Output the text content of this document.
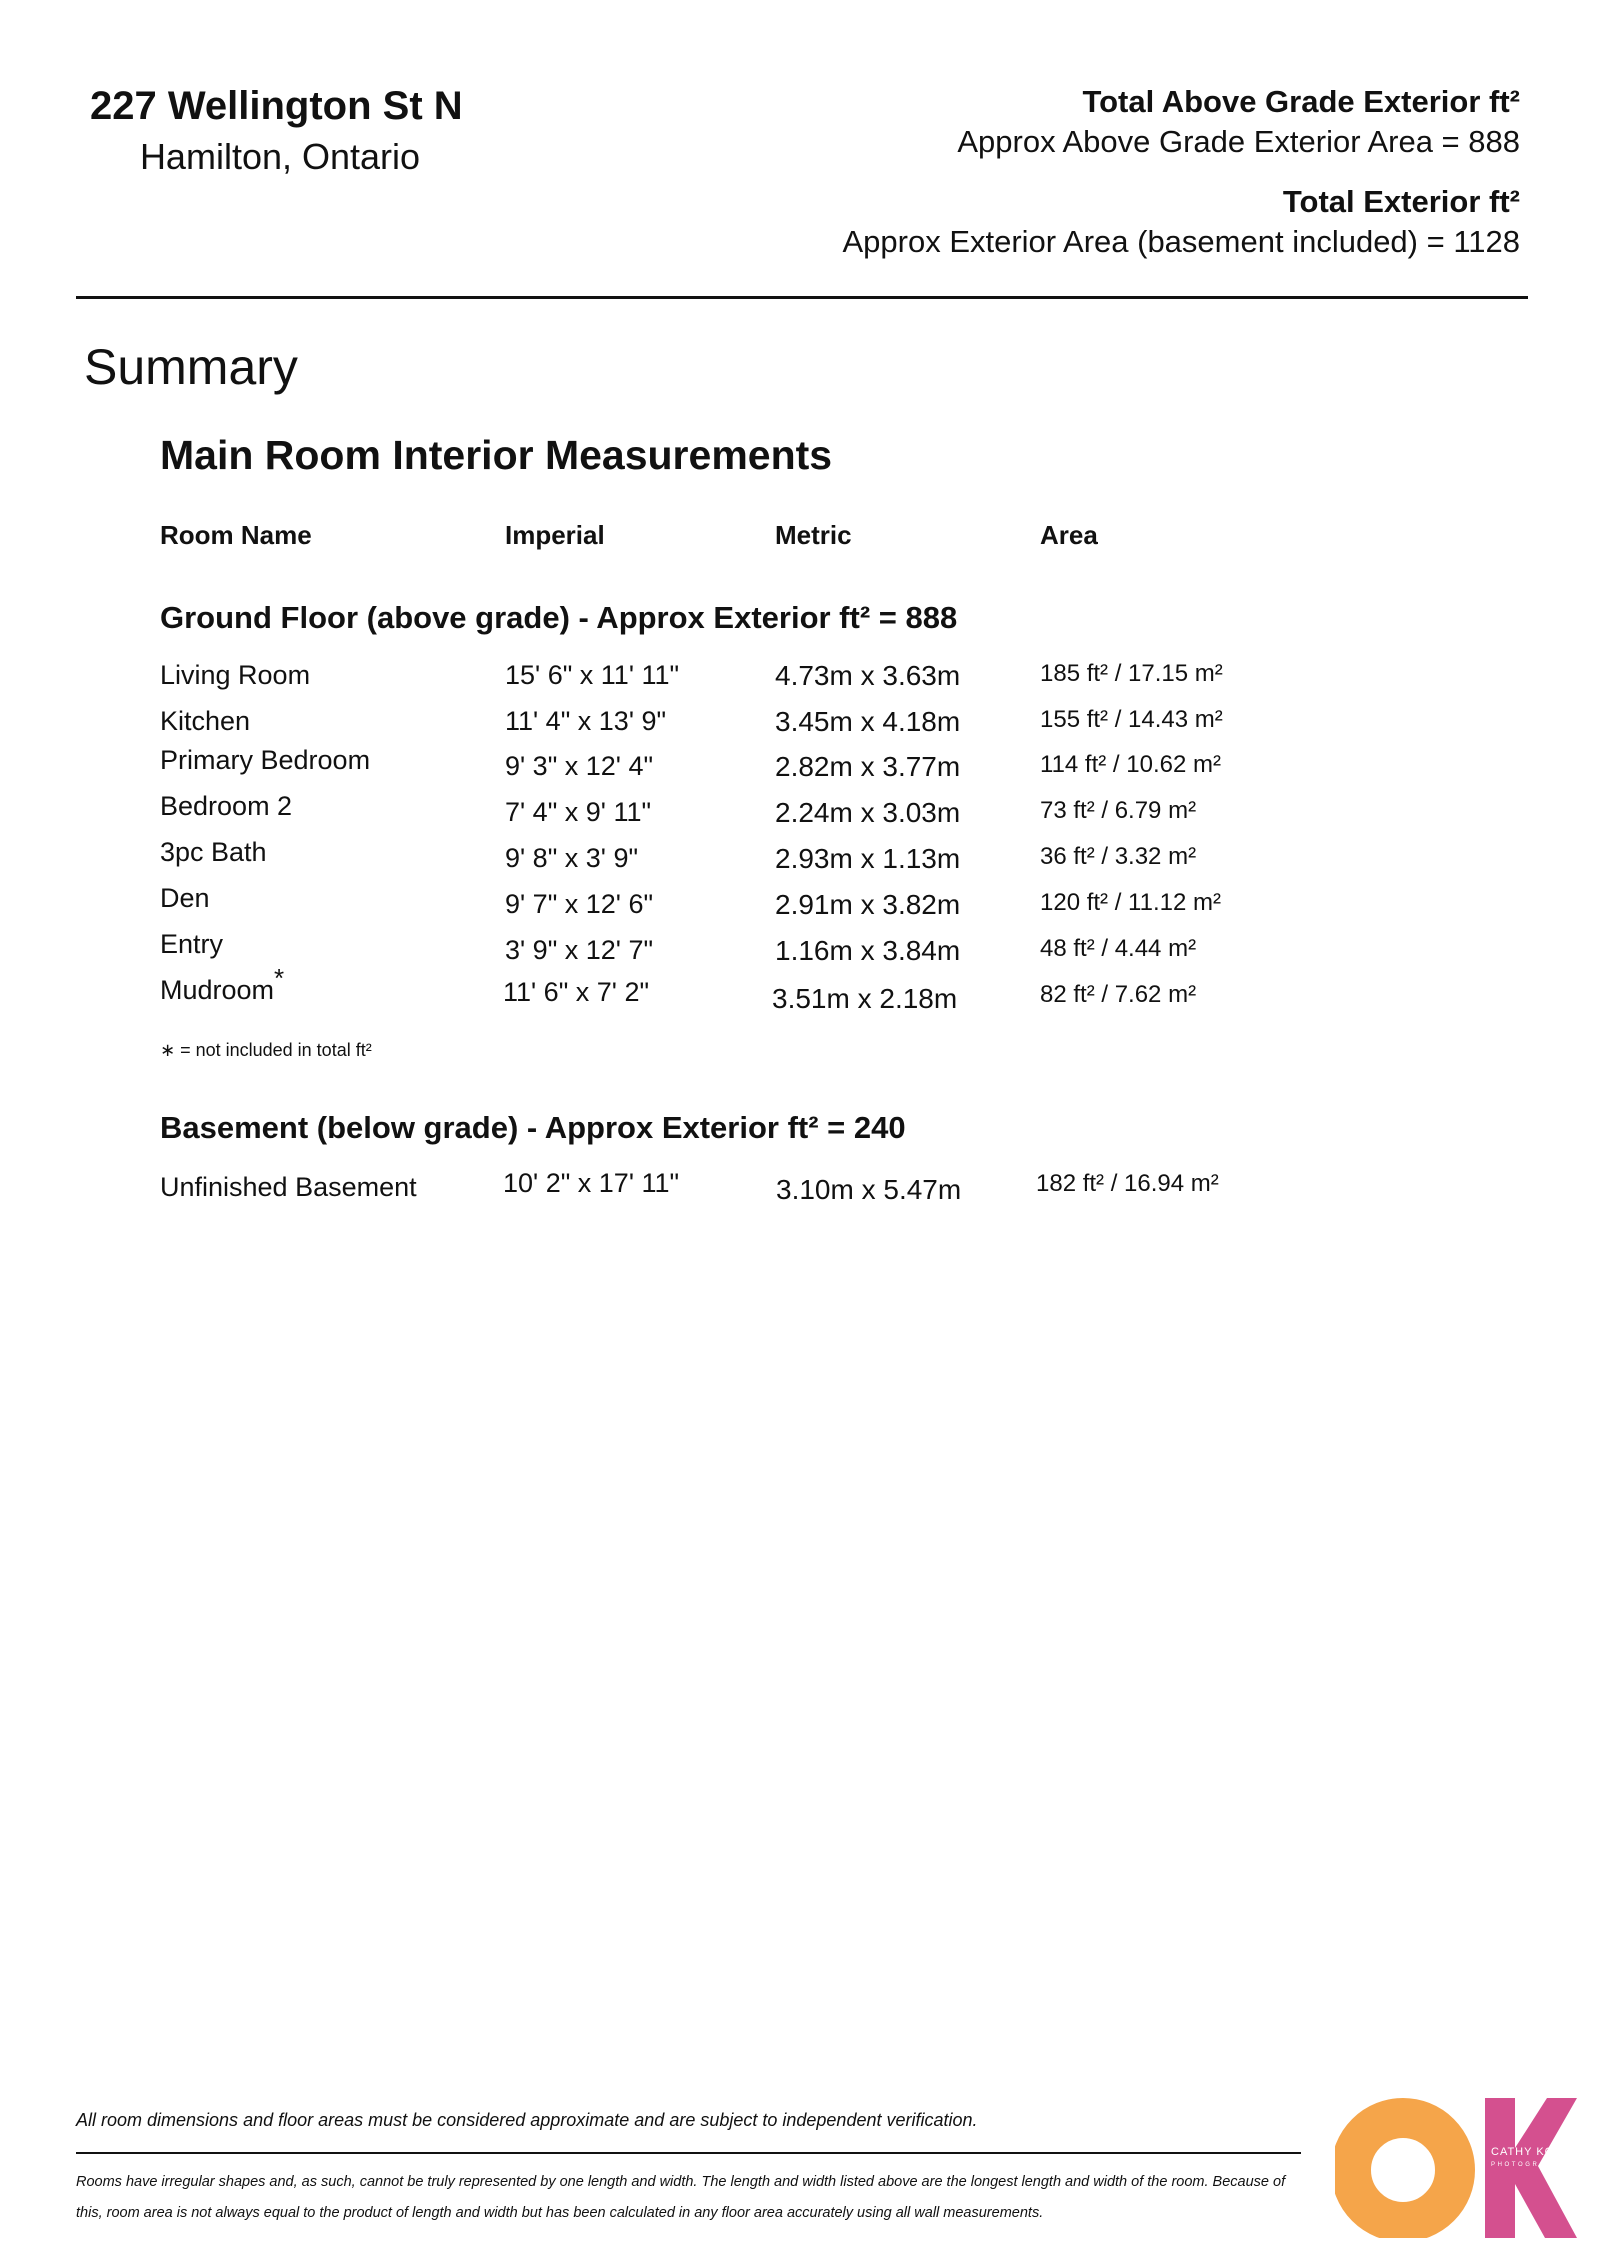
227 Wellington St N
Hamilton, Ontario
Total Above Grade Exterior ft²
Approx Above Grade Exterior Area = 888
Total Exterior ft²
Approx Exterior Area (basement included) = 1128
Summary
Main Room Interior Measurements
Room Name	Imperial	Metric	Area
Ground Floor (above grade) - Approx Exterior ft² = 888
Living Room	15' 6" x 11' 11"	4.73m x 3.63m	185 ft² / 17.15 m²
Kitchen	11' 4" x 13' 9"	3.45m x 4.18m	155 ft² / 14.43 m²
Primary Bedroom	9' 3" x 12' 4"	2.82m x 3.77m	114 ft² / 10.62 m²
Bedroom 2	7' 4" x 9' 11"	2.24m x 3.03m	73 ft² / 6.79 m²
3pc Bath	9' 8" x 3' 9"	2.93m x 1.13m	36 ft² / 3.32 m²
Den	9' 7" x 12' 6"	2.91m x 3.82m	120 ft² / 11.12 m²
Entry	3' 9" x 12' 7"	1.16m x 3.84m	48 ft² / 4.44 m²
Mudroom*	11' 6" x 7' 2"	3.51m x 2.18m	82 ft² / 7.62 m²
∗ = not included in total ft²
Basement (below grade) - Approx Exterior ft² = 240
Unfinished Basement	10' 2" x 17' 11"	3.10m x 5.47m	182 ft² / 16.94 m²
All room dimensions and floor areas must be considered approximate and are subject to independent verification.
Rooms have irregular shapes and, as such, cannot be truly represented by one length and width. The length and width listed above are the longest length and width of the room. Because of this, room area is not always equal to the product of length and width but has been calculated in any floor area accurately using all wall measurements.
CATHY KOOP
PHOTOGRAPHY
